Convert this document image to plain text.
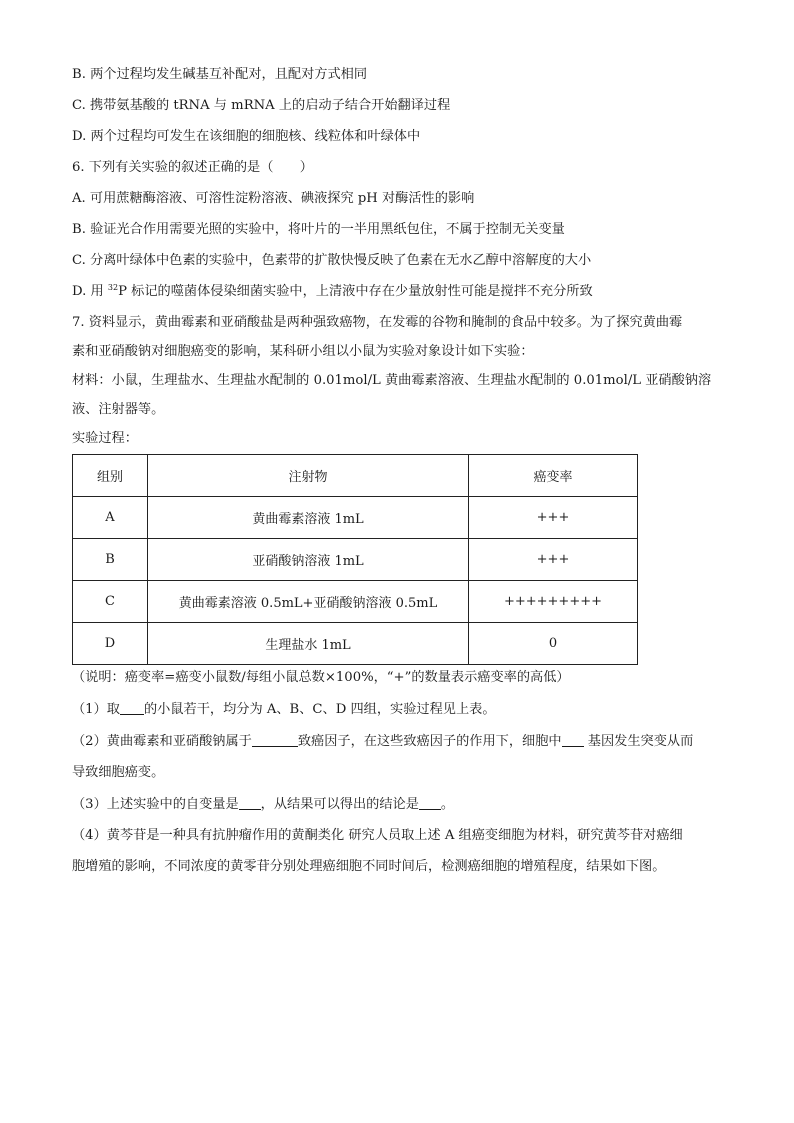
B. 两个过程均发生碱基互补配对，且配对方式相同

C. 携带氨基酸的 tRNA 与 mRNA 上的启动子结合开始翻译过程

D. 两个过程均可发生在该细胞的细胞核、线粒体和叶绿体中

6. 下列有关实验的叙述正确的是（　　）

A. 可用蔗糖酶溶液、可溶性淀粉溶液、碘液探究 pH 对酶活性的影响

B. 验证光合作用需要光照的实验中，将叶片的一半用黑纸包住，不属于控制无关变量

C. 分离叶绿体中色素的实验中，色素带的扩散快慢反映了色素在无水乙醇中溶解度的大小

D. 用 $^{32}$P 标记的噬菌体侵染细菌实验中，上清液中存在少量放射性可能是搅拌不充分所致

7. 资料显示，黄曲霉素和亚硝酸盐是两种强致癌物，在发霉的谷物和腌制的食品中较多。为了探究黄曲霉

素和亚硝酸钠对细胞癌变的影响，某科研小组以小鼠为实验对象设计如下实验：

材料：小鼠，生理盐水、生理盐水配制的 0.01mol/L 黄曲霉素溶液、生理盐水配制的 0.01mol/L 亚硝酸钠溶

液、注射器等。

实验过程：

组别	注射物	癌变率
A	黄曲霉素溶液 1mL	+++
B	亚硝酸钠溶液 1mL	+++
C	黄曲霉素溶液 0.5mL+亚硝酸钠溶液 0.5mL	+++++++++
D	生理盐水 1mL	0

（说明：癌变率=癌变小鼠数/每组小鼠总数×100%，“+”的数量表示癌变率的高低）

（1）取 的小鼠若干，均分为 A、B、C、D 四组，实验过程见上表。

（2）黄曲霉素和亚硝酸钠属于	致癌因子，在这些致癌因子的作用下，细胞中 基因发生突变从而

导致细胞癌变。

（3）上述实验中的自变量是 ，从结果可以得出的结论是 。

（4）黄芩苷是一种具有抗肿瘤作用的黄酮类化 研究人员取上述 A 组癌变细胞为材料，研究黄芩苷对癌细

胞增殖的影响，不同浓度的黄零苷分别处理癌细胞不同时间后，检测癌细胞的增殖程度，结果如下图。
